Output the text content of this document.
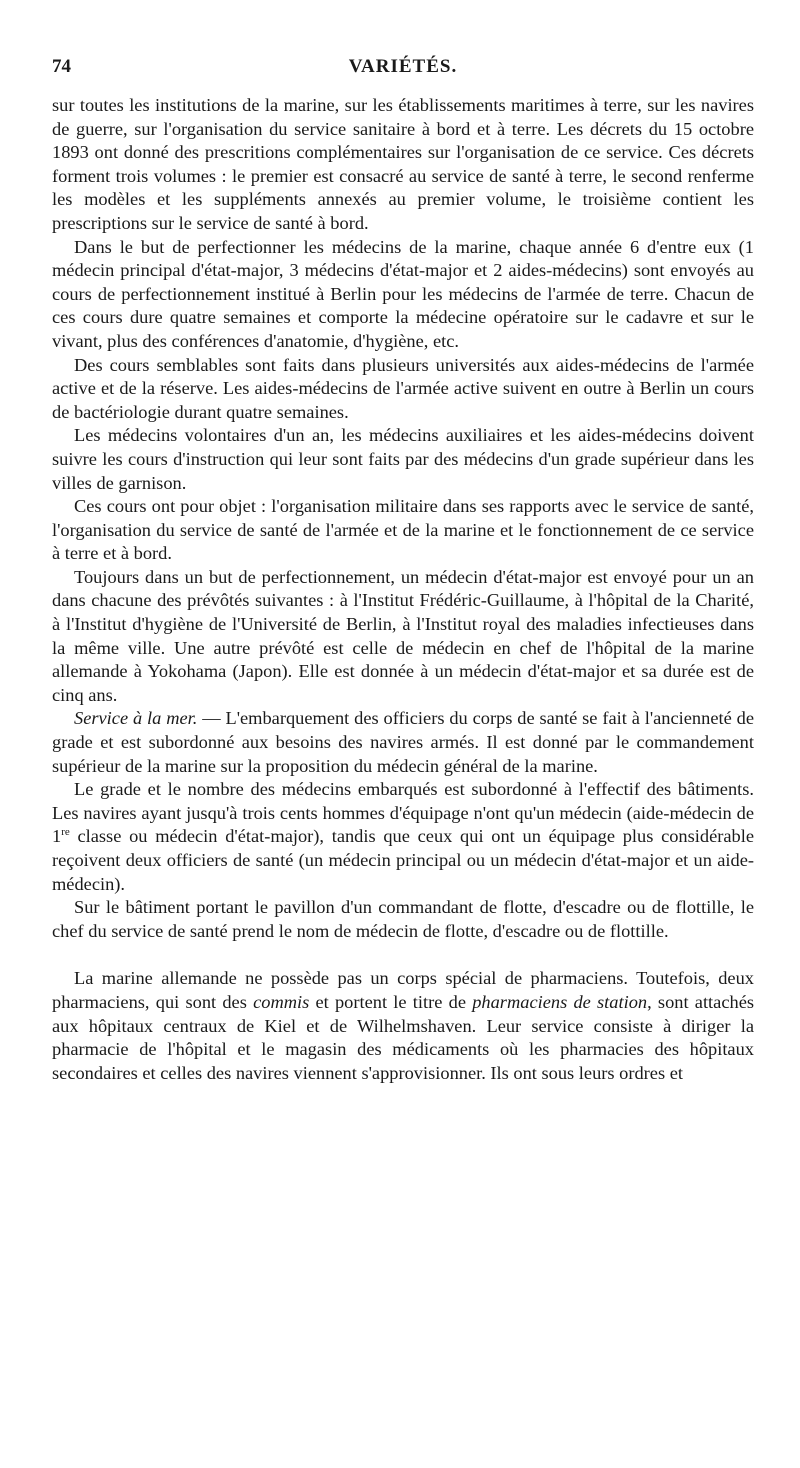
74	VARIÉTÉS.

sur toutes les institutions de la marine, sur les établissements maritimes à terre, sur les navires de guerre, sur l'organisation du service sanitaire à bord et à terre. Les décrets du 15 octobre 1893 ont donné des prescritions complémentaires sur l'organisation de ce service. Ces décrets forment trois volumes : le premier est consacré au service de santé à terre, le second renferme les modèles et les suppléments annexés au premier volume, le troisième contient les prescriptions sur le service de santé à bord.

Dans le but de perfectionner les médecins de la marine, chaque année 6 d'entre eux (1 médecin principal d'état-major, 3 médecins d'état-major et 2 aides-médecins) sont envoyés au cours de perfectionnement institué à Berlin pour les médecins de l'armée de terre. Chacun de ces cours dure quatre semaines et comporte la médecine opératoire sur le cadavre et sur le vivant, plus des conférences d'anatomie, d'hygiène, etc.

Des cours semblables sont faits dans plusieurs universités aux aides-médecins de l'armée active et de la réserve. Les aides-médecins de l'armée active suivent en outre à Berlin un cours de bactériologie durant quatre semaines.

Les médecins volontaires d'un an, les médecins auxiliaires et les aides-médecins doivent suivre les cours d'instruction qui leur sont faits par des médecins d'un grade supérieur dans les villes de garnison.

Ces cours ont pour objet : l'organisation militaire dans ses rapports avec le service de santé, l'organisation du service de santé de l'armée et de la marine et le fonctionnement de ce service à terre et à bord.

Toujours dans un but de perfectionnement, un médecin d'état-major est envoyé pour un an dans chacune des prévôtés suivantes : à l'Institut Frédéric-Guillaume, à l'hôpital de la Charité, à l'Institut d'hygiène de l'Université de Berlin, à l'Institut royal des maladies infectieuses dans la même ville. Une autre prévôté est celle de médecin en chef de l'hôpital de la marine allemande à Yokohama (Japon). Elle est donnée à un médecin d'état-major et sa durée est de cinq ans.

Service à la mer. — L'embarquement des officiers du corps de santé se fait à l'ancienneté de grade et est subordonné aux besoins des navires armés. Il est donné par le commandement supérieur de la marine sur la proposition du médecin général de la marine.

Le grade et le nombre des médecins embarqués est subordonné à l'effectif des bâtiments. Les navires ayant jusqu'à trois cents hommes d'équipage n'ont qu'un médecin (aide-médecin de 1re classe ou médecin d'état-major), tandis que ceux qui ont un équipage plus considérable reçoivent deux officiers de santé (un médecin principal ou un médecin d'état-major et un aide-médecin).

Sur le bâtiment portant le pavillon d'un commandant de flotte, d'escadre ou de flottille, le chef du service de santé prend le nom de médecin de flotte, d'escadre ou de flottille.

La marine allemande ne possède pas un corps spécial de pharmaciens. Toutefois, deux pharmaciens, qui sont des commis et portent le titre de pharmaciens de station, sont attachés aux hôpitaux centraux de Kiel et de Wilhelmshaven. Leur service consiste à diriger la pharmacie de l'hôpital et le magasin des médicaments où les pharmacies des hôpitaux secondaires et celles des navires viennent s'approvisionner. Ils ont sous leurs ordres et
